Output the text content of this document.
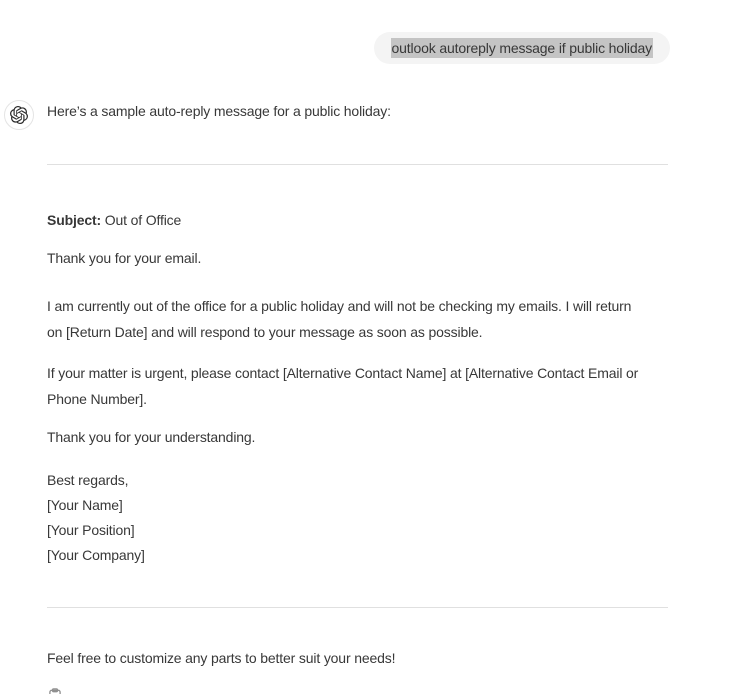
outlook autoreply message if public holiday

Here’s a sample auto-reply message for a public holiday:

Subject: Out of Office

Thank you for your email.

I am currently out of the office for a public holiday and will not be checking my emails. I will return
on [Return Date] and will respond to your message as soon as possible.

If your matter is urgent, please contact [Alternative Contact Name] at [Alternative Contact Email or
Phone Number].

Thank you for your understanding.

Best regards,
[Your Name]
[Your Position]
[Your Company]

Feel free to customize any parts to better suit your needs!
